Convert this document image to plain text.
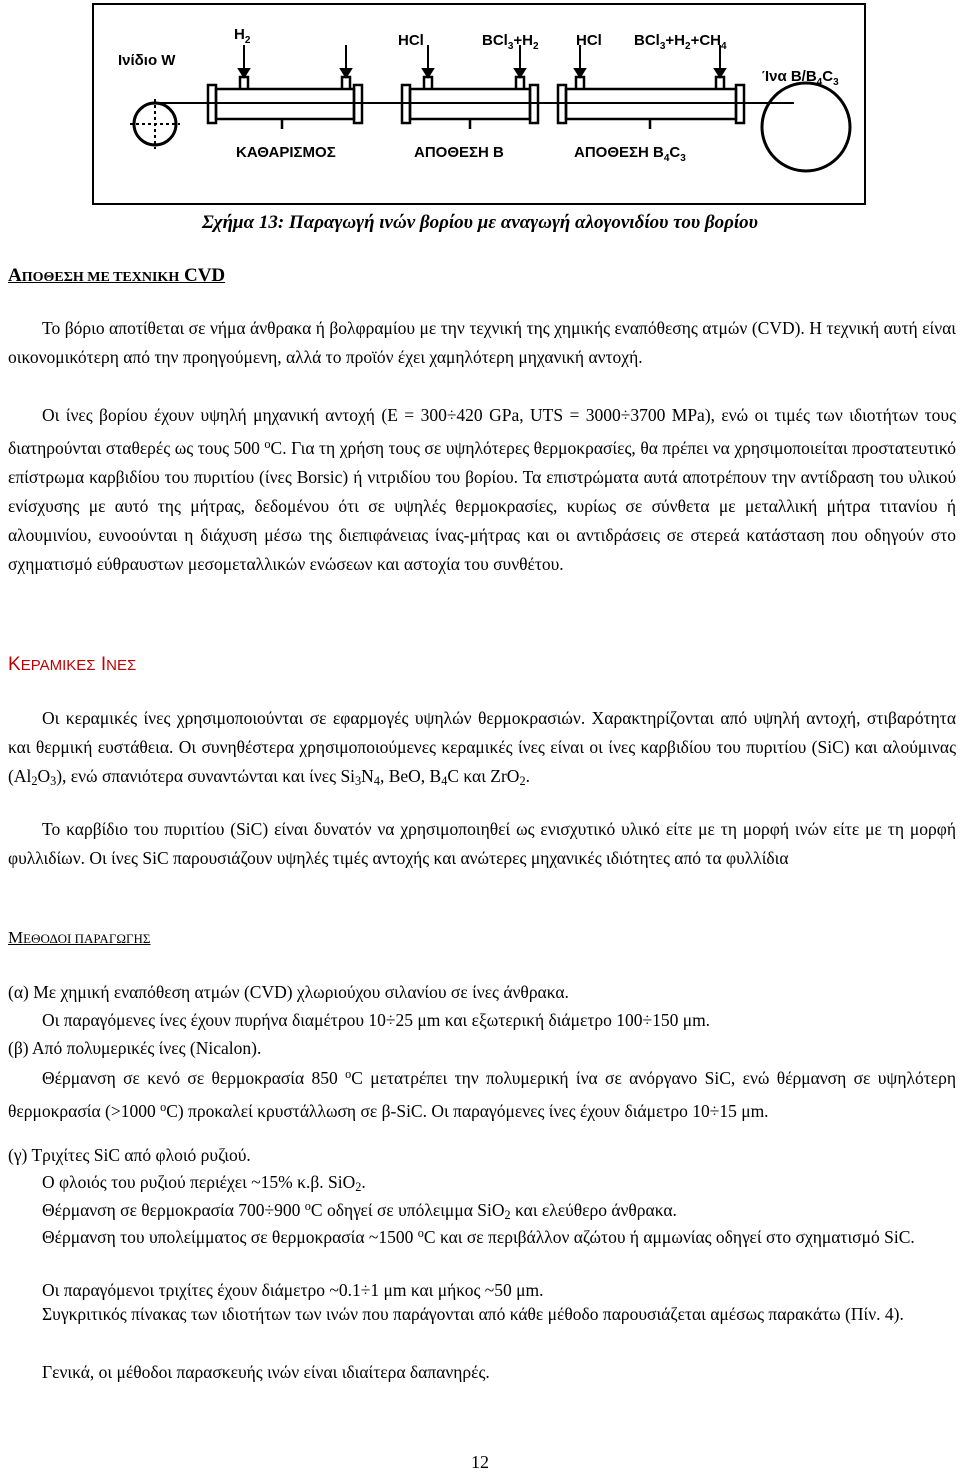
Ινίδιο W
$H_2$	HCl	$BCl_3+H_2$ HCl $BCl_3+H_2+CH_4$
Ίνα $B/B_4C_3$
ΚΑΘΑΡΙΣΜΟΣ	ΑΠΟΘΕΣΗ Β	ΑΠΟΘΕΣΗ $B_4C_3$
Σχήμα 13: Παραγωγή ινών βορίου με αναγωγή αλογονιδίου του βορίου
ΑΠΟΘΕΣΗ ΜΕ ΤΕΧΝΙΚΗ CVD
Το βόριο αποτίθεται σε νήμα άνθρακα ή βολφραμίου με την τεχνική της χημικής εναπόθεσης ατμών (CVD). Η τεχνική αυτή είναι οικονομικότερη από την προηγούμενη, αλλά το προϊόν έχει χαμηλότερη μηχανική αντοχή.
Οι ίνες βορίου έχουν υψηλή μηχανική αντοχή (E = 300÷420 GPa, UTS = 3000÷3700 MPa), ενώ οι τιμές των ιδιοτήτων τους διατηρούνται σταθερές ως τους 500 $^o$C. Για τη χρήση τους σε υψηλότερες θερμοκρασίες, θα πρέπει να χρησιμοποιείται προστατευτικό επίστρωμα καρβιδίου του πυριτίου (ίνες Borsic) ή νιτριδίου του βορίου. Τα επιστρώματα αυτά αποτρέπουν την αντίδραση του υλικού ενίσχυσης με αυτό της μήτρας, δεδομένου ότι σε υψηλές θερμοκρασίες, κυρίως σε σύνθετα με μεταλλική μήτρα τιτανίου ή αλουμινίου, ευνοούνται η διάχυση μέσω της διεπιφάνειας ίνας-μήτρας και οι αντιδράσεις σε στερεά κατάσταση που οδηγούν στο σχηματισμό εύθραυστων μεσομεταλλικών ενώσεων και αστοχία του συνθέτου.
ΚΕΡΑΜΙΚΕΣ ΙΝΕΣ
Οι κεραμικές ίνες χρησιμοποιούνται σε εφαρμογές υψηλών θερμοκρασιών. Χαρακτηρίζονται από υψηλή αντοχή, στιβαρότητα και θερμική ευστάθεια. Οι συνηθέστερα χρησιμοποιούμενες κεραμικές ίνες είναι οι ίνες καρβιδίου του πυριτίου (SiC) και αλούμινας $(Al_2O_3)$, ενώ σπανιότερα συναντώνται και ίνες $Si_3N_4$, BeO, $B_4C$ και ZrO$_2$.
Το καρβίδιο του πυριτίου (SiC) είναι δυνατόν να χρησιμοποιηθεί ως ενισχυτικό υλικό είτε με τη μορφή ινών είτε με τη μορφή φυλλιδίων. Οι ίνες SiC παρουσιάζουν υψηλές τιμές αντοχής και ανώτερες μηχανικές ιδιότητες από τα φυλλίδια
ΜΕΘΟΔΟΙ ΠΑΡΑΓΩΓΗΣ
(α) Με χημική εναπόθεση ατμών (CVD) χλωριούχου σιλανίου σε ίνες άνθρακα.
Οι παραγόμενες ίνες έχουν πυρήνα διαμέτρου 10÷25 μm και εξωτερική διάμετρο 100÷150 μm.
(β) Από πολυμερικές ίνες (Nicalon).
Θέρμανση σε κενό σε θερμοκρασία 850 $^o$C μετατρέπει την πολυμερική ίνα σε ανόργανο SiC, ενώ θέρμανση σε υψηλότερη θερμοκρασία (>1000 $^o$C) προκαλεί κρυστάλλωση σε β-SiC. Οι παραγόμενες ίνες έχουν διάμετρο 10÷15 μm.
(γ) Τριχίτες SiC από φλοιό ρυζιού.
Ο φλοιός του ρυζιού περιέχει ~15% κ.β. SiO$_2$.
Θέρμανση σε θερμοκρασία 700÷900 $^o$C οδηγεί σε υπόλειμμα SiO$_2$ και ελεύθερο άνθρακα.
Θέρμανση του υπολείμματος σε θερμοκρασία ~1500 $^o$C και σε περιβάλλον αζώτου ή αμμωνίας οδηγεί στο σχηματισμό SiC.
Οι παραγόμενοι τριχίτες έχουν διάμετρο ~0.1÷1 μm και μήκος ~50 μm.
Συγκριτικός πίνακας των ιδιοτήτων των ινών που παράγονται από κάθε μέθοδο παρουσιάζεται αμέσως παρακάτω (Πίν. 4).
Γενικά, οι μέθοδοι παρασκευής ινών είναι ιδιαίτερα δαπανηρές.
12
